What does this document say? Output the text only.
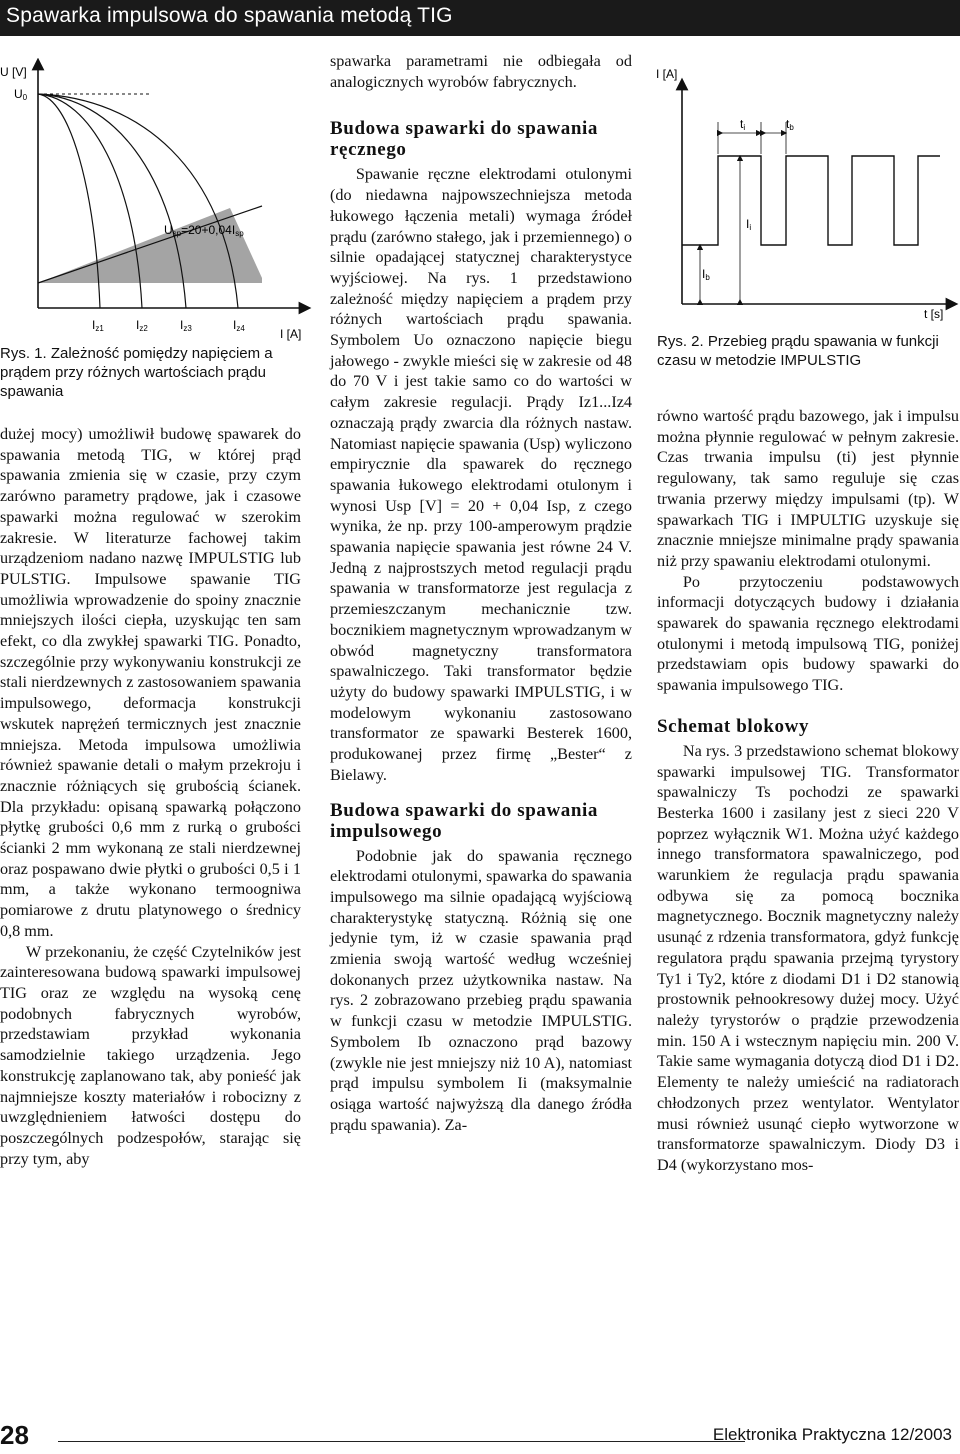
Spawarka impulsowa do spawania metodą TIG
U [V]
U0
Usp=20+0,04Isp
I [A]
Iz1	Iz2	Iz3	Iz4
Rys. 1. Zależność pomiędzy napięciem a prądem przy różnych wartościach prądu spawania

dużej mocy) umożliwił budowę spawarek do spawania metodą TIG, w której prąd spawania zmienia się w czasie, przy czym zarówno parametry prądowe, jak i czasowe spawarki można regulować w szerokim zakresie. W literaturze fachowej takim urządzeniom nadano nazwę IMPULSTIG lub PULSTIG. Impulsowe spawanie TIG umożliwia wprowadzenie do spoiny znacznie mniejszych ilości ciepła, uzyskując ten sam efekt, co dla zwykłej spawarki TIG. Ponadto, szczególnie przy wykonywaniu konstrukcji ze stali nierdzewnych z zastosowaniem spawania impulsowego, deformacja konstrukcji wskutek naprężeń termicznych jest znacznie mniejsza. Metoda impulsowa umożliwia również spawanie detali o małym przekroju i znacznie różniących się grubością ścianek. Dla przykładu: opisaną spawarką połączono płytkę grubości 0,6 mm z rurką o grubości ścianki 2 mm wykonaną ze stali nierdzewnej oraz pospawano dwie płytki o grubości 0,5 i 1 mm, a także wykonano termoogniwa pomiarowe z drutu platynowego o średnicy 0,8 mm.

W przekonaniu, że część Czytelników jest zainteresowana budową spawarki impulsowej TIG oraz ze względu na wysoką cenę podobnych fabrycznych wyrobów, przedstawiam przykład wykonania samodzielnie takiego urządzenia. Jego konstrukcję zaplanowano tak, aby ponieść jak najmniejsze koszty materiałów i robocizny z uwzględnieniem łatwości dostępu do poszczególnych podzespołów, starając się przy tym, aby

spawarka parametrami nie odbiegała od analogicznych wyrobów fabrycznych.

Budowa spawarki do spawania ręcznego

Spawanie ręczne elektrodami otulonymi (do niedawna najpowszechniejsza metoda łukowego łączenia metali) wymaga źródeł prądu (zarówno stałego, jak i przemiennego) o silnie opadającej statycznej charakterystyce wyjściowej. Na rys. 1 przedstawiono zależność między napięciem a prądem przy różnych wartościach prądu spawania. Symbolem Uo oznaczono napięcie biegu jałowego - zwykle mieści się w zakresie od 48 do 70 V i jest takie samo co do wartości w całym zakresie regulacji. Prądy Iz1...Iz4 oznaczają prądy zwarcia dla różnych nastaw. Natomiast napięcie spawania (Usp) wyliczono empirycznie dla spawarek do ręcznego spawania łukowego elektrodami otulonym i wynosi Usp [V] = 20 + 0,04 Isp, z czego wynika, że np. przy 100-amperowym prądzie spawania napięcie spawania jest równe 24 V. Jedną z najprostszych metod regulacji prądu spawania w transformatorze jest regulacja z przemieszczanym mechanicznie tzw. bocznikiem magnetycznym wprowadzanym w obwód magnetyczny transformatora spawalniczego. Taki transformator będzie użyty do budowy spawarki IMPULSTIG, i w modelowym wykonaniu zastosowano transformator ze spawarki Besterek 1600, produkowanej przez firmę „Bester“ z Bielawy.

Budowa spawarki do spawania impulsowego

Podobnie jak do spawania ręcznego elektrodami otulonymi, spawarka do spawania impulsowego ma silnie opadającą wyjściową charakterystykę statyczną. Różnią się one jedynie tym, iż w czasie spawania prąd zmienia swoją wartość według wcześniej dokonanych przez użytkownika nastaw. Na rys. 2 zobrazowano przebieg prądu spawania w funkcji czasu w metodzie IMPULSTIG. Symbolem Ib oznaczono prąd bazowy (zwykle nie jest mniejszy niż 10 A), natomiast prąd impulsu symbolem Ii (maksymalnie osiąga wartość najwyższą dla danego źródła prądu spawania). Za-

I [A]
ti	tb
Ii
Ib
t [s]
Rys. 2. Przebieg prądu spawania w funkcji czasu w metodzie IMPULSTIG

równo wartość prądu bazowego, jak i impulsu można płynnie regulować w pełnym zakresie. Czas trwania impulsu (ti) jest płynnie regulowany, tak samo reguluje się czas trwania przerwy między impulsami (tp). W spawarkach TIG i IMPULTIG uzyskuje się znacznie mniejsze minimalne prądy spawania niż przy spawaniu elektrodami otulonymi.

Po przytoczeniu podstawowych informacji dotyczących budowy i działania spawarek do spawania ręcznego elektrodami otulonymi i metodą impulsową TIG, poniżej przedstawiam opis budowy spawarki do spawania impulsowego TIG.

Schemat blokowy

Na rys. 3 przedstawiono schemat blokowy spawarki impulsowej TIG. Transformator spawalniczy Ts pochodzi ze spawarki Besterka 1600 i zasilany jest z sieci 220 V poprzez wyłącznik W1. Można użyć każdego innego transformatora spawalniczego, pod warunkiem że regulacja prądu spawania odbywa się za pomocą bocznika magnetycznego. Bocznik magnetyczny należy usunąć z rdzenia transformatora, gdyż funkcję regulatora prądu spawania przejmą tyrystory Ty1 i Ty2, które z diodami D1 i D2 stanowią prostownik pełnookresowy dużej mocy. Użyć należy tyrystorów o prądzie przewodzenia min. 150 A i wstecznym napięciu min. 200 V. Takie same wymagania dotyczą diod D1 i D2. Elementy te należy umieścić na radiatorach chłodzonych przez wentylator. Wentylator musi również usunąć ciepło wytworzone w transformatorze spawalniczym. Diody D3 i D4 (wykorzystano mos-

28	Elektronika Praktyczna 12/2003
